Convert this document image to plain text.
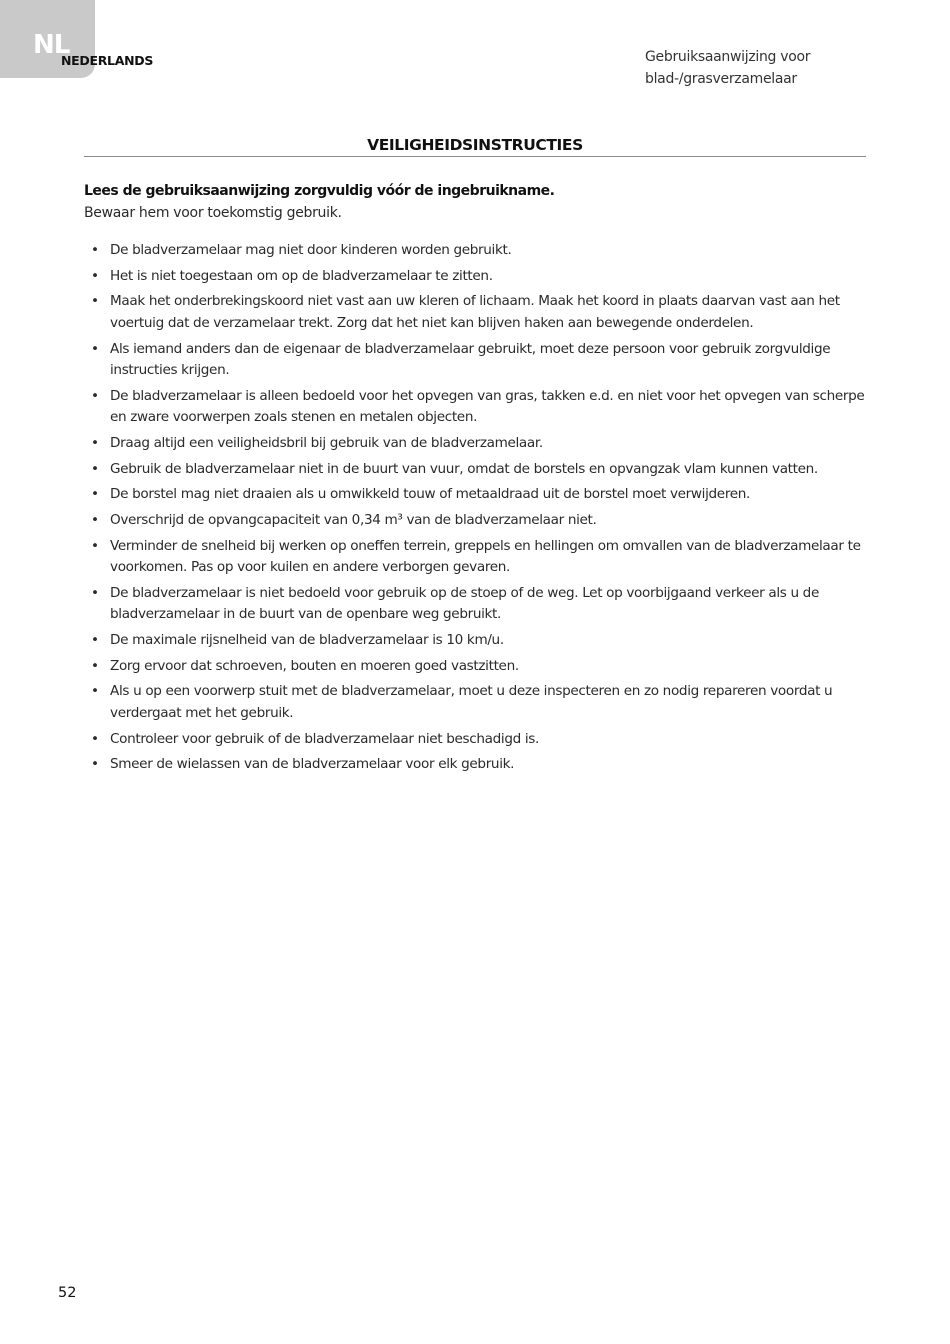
NL
NEDERLANDS	Gebruiksaanwijzing voor
blad-/grasverzamelaar
VEILIGHEIDSINSTRUCTIES
Lees de gebruiksaanwijzing zorgvuldig vóór de ingebruikname.
Bewaar hem voor toekomstig gebruik.
• De bladverzamelaar mag niet door kinderen worden gebruikt.
• Het is niet toegestaan om op de bladverzamelaar te zitten.
• Maak het onderbrekingskoord niet vast aan uw kleren of lichaam. Maak het koord in plaats daarvan vast aan het voertuig dat de verzamelaar trekt. Zorg dat het niet kan blijven haken aan bewegende onderdelen.
• Als iemand anders dan de eigenaar de bladverzamelaar gebruikt, moet deze persoon voor gebruik zorgvuldige instructies krijgen.
• De bladverzamelaar is alleen bedoeld voor het opvegen van gras, takken e.d. en niet voor het opvegen van scherpe en zware voorwerpen zoals stenen en metalen objecten.
• Draag altijd een veiligheidsbril bij gebruik van de bladverzamelaar.
• Gebruik de bladverzamelaar niet in de buurt van vuur, omdat de borstels en opvangzak vlam kunnen vatten.
• De borstel mag niet draaien als u omwikkeld touw of metaaldraad uit de borstel moet verwijderen.
• Overschrijd de opvangcapaciteit van 0,34 m³ van de bladverzamelaar niet.
• Verminder de snelheid bij werken op oneffen terrein, greppels en hellingen om omvallen van de bladverzamelaar te voorkomen. Pas op voor kuilen en andere verborgen gevaren.
• De bladverzamelaar is niet bedoeld voor gebruik op de stoep of de weg. Let op voorbijgaand verkeer als u de bladverzamelaar in de buurt van de openbare weg gebruikt.
• De maximale rijsnelheid van de bladverzamelaar is 10 km/u.
• Zorg ervoor dat schroeven, bouten en moeren goed vastzitten.
• Als u op een voorwerp stuit met de bladverzamelaar, moet u deze inspecteren en zo nodig repareren voordat u verdergaat met het gebruik.
• Controleer voor gebruik of de bladverzamelaar niet beschadigd is.
• Smeer de wielassen van de bladverzamelaar voor elk gebruik.
52
